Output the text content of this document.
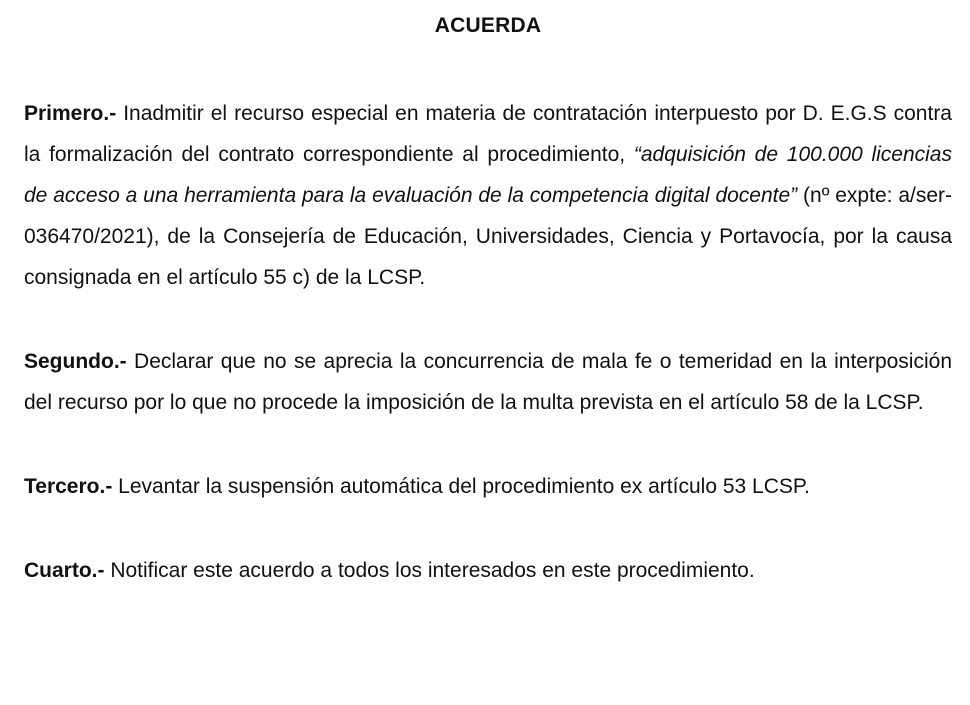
ACUERDA

Primero.- Inadmitir el recurso especial en materia de contratación interpuesto por D. E.G.S contra la formalización del contrato correspondiente al procedimiento, “adquisición de 100.000 licencias de acceso a una herramienta para la evaluación de la competencia digital docente” (nº expte: a/ser-036470/2021), de la Consejería de Educación, Universidades, Ciencia y Portavocía, por la causa consignada en el artículo 55 c) de la LCSP.

Segundo.- Declarar que no se aprecia la concurrencia de mala fe o temeridad en la interposición del recurso por lo que no procede la imposición de la multa prevista en el artículo 58 de la LCSP.

Tercero.- Levantar la suspensión automática del procedimiento ex artículo 53 LCSP.

Cuarto.- Notificar este acuerdo a todos los interesados en este procedimiento.
